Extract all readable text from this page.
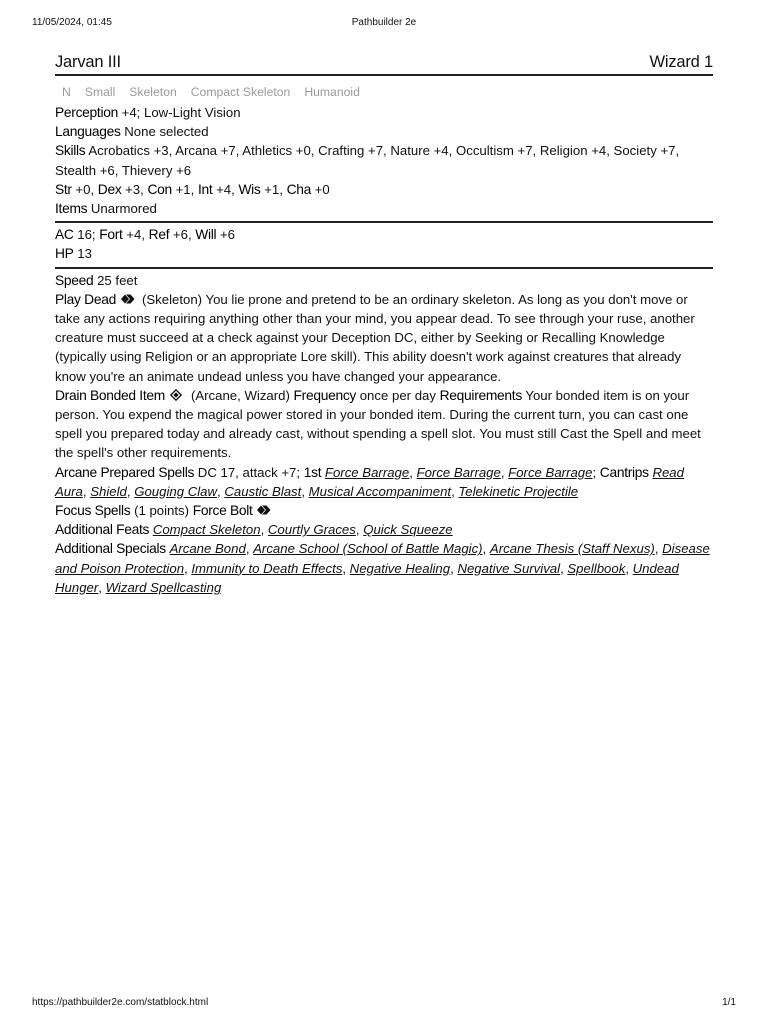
11/05/2024, 01:45	Pathbuilder 2e
Jarvan III	Wizard 1
N Small Skeleton Compact Skeleton Humanoid

Perception +4; Low-Light Vision

Languages None selected

Skills Acrobatics +3, Arcana +7, Athletics +0, Crafting +7, Nature +4, Occultism +7, Religion +4, Society +7, Stealth +6, Thievery +6

Str +0, Dex +3, Con +1, Int +4, Wis +1, Cha +0

Items Unarmored

AC 16; Fort +4, Ref +6, Will +6

HP 13

Speed 25 feet

Play Dead (Skeleton) You lie prone and pretend to be an ordinary skeleton. As long as you don't move or take any actions requiring anything other than your mind, you appear dead. To see through your ruse, another creature must succeed at a check against your Deception DC, either by Seeking or Recalling Knowledge (typically using Religion or an appropriate Lore skill). This ability doesn't work against creatures that already know you're an animate undead unless you have changed your appearance.

Drain Bonded Item (Arcane, Wizard) Frequency once per day Requirements Your bonded item is on your person. You expend the magical power stored in your bonded item. During the current turn, you can cast one spell you prepared today and already cast, without spending a spell slot. You must still Cast the Spell and meet the spell's other requirements.

Arcane Prepared Spells DC 17, attack +7; 1st Force Barrage, Force Barrage, Force Barrage; Cantrips Read Aura, Shield, Gouging Claw, Caustic Blast, Musical Accompaniment, Telekinetic Projectile

Focus Spells (1 points) Force Bolt

Additional Feats Compact Skeleton, Courtly Graces, Quick Squeeze

Additional Specials Arcane Bond, Arcane School (School of Battle Magic), Arcane Thesis (Staff Nexus), Disease and Poison Protection, Immunity to Death Effects, Negative Healing, Negative Survival, Spellbook, Undead Hunger, Wizard Spellcasting

https://pathbuilder2e.com/statblock.html	1/1
